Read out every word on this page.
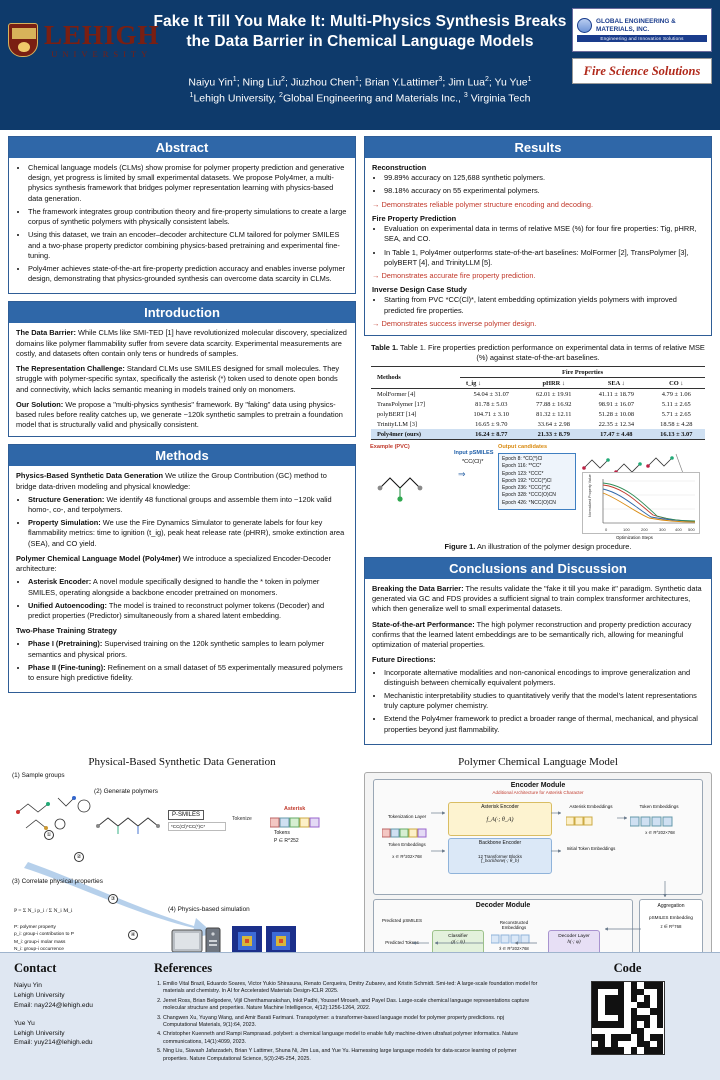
LEHIGH
UNIVERSITY
Fake It Till You Make It: Multi-Physics Synthesis Breaks the Data Barrier in Chemical Language Models
GLOBAL ENGINEERING & MATERIALS, INC.
Engineering and Innovation Solutions
Fire Science Solutions
Naiyu Yin$^1$; Ning Liu$^2$; Jiuzhou Chen$^1$; Brian Y.Lattimer$^3$; Jim Lua$^2$; Yu Yue$^1$
$^1$Lehigh University, $^2$Global Engineering and Materials Inc., $^3$ Virginia Tech
Abstract
• Chemical language models (CLMs) show promise for polymer property prediction and generative design, yet progress is limited by small experimental datasets. We propose Poly4mer, a multi-physics synthesis framework that bridges polymer representation learning with physics-based data generation.
• The framework integrates group contribution theory and fire-property simulations to create a large corpus of synthetic polymers with physically consistent labels.
• Using this dataset, we train an encoder–decoder architecture CLM tailored for polymer SMILES and a two-phase property predictor combining physics-based pretraining and experimental fine-tuning.
• Poly4mer achieves state-of-the-art fire-property prediction accuracy and enables inverse polymer design, demonstrating that physics-grounded synthesis can overcome data scarcity in CLMs.
Introduction

The Data Barrier: While CLMs like SMI-TED [1] have revolutionized molecular discovery, specialized domains like polymer flammability suffer from severe data scarcity. Experimental measurements are costly, and datasets often contain only tens or hundreds of samples.

The Representation Challenge: Standard CLMs use SMILES designed for small molecules. They struggle with polymer-specific syntax, specifically the asterisk (*) token used to denote open bonds and connectivity, which lacks semantic meaning in models trained only on monomers.

Our Solution: We propose a "multi-physics synthesis" framework. By "faking" data using physics-based rules before reality catches up, we generate ~120k synthetic samples to pretrain a foundation model that is structurally valid and physically consistent.

Methods

Physics-Based Synthetic Data Generation We utilize the Group Contribution (GC) method to bridge data-driven modeling and physical knowledge:

• Structure Generation: We identify 48 functional groups and assemble them into ~120k valid homo-, co-, and terpolymers.
• Property Simulation: We use the Fire Dynamics Simulator to generate labels for four key flammability metrics: time to ignition (t_ig), peak heat release rate (pHRR), smoke extinction area (SEA), and CO yield.

Polymer Chemical Language Model (Poly4mer) We introduce a specialized Encoder-Decoder architecture:

• Asterisk Encoder: A novel module specifically designed to handle the * token in polymer SMILES, operating alongside a backbone encoder pretrained on monomers.
• Unified Autoencoding: The model is trained to reconstruct polymer tokens (Decoder) and predict properties (Predictor) simultaneously from a shared latent embedding.

Two-Phase Training Strategy

• Phase I (Pretraining): Supervised training on the 120k synthetic samples to learn polymer semantics and physical priors.
• Phase II (Fine-tuning): Refinement on a small dataset of 55 experimentally measured polymers to ensure high predictive fidelity.
Results
Reconstruction
• 99.89% accuracy on 125,688 synthetic polymers.
• 98.18% accuracy on 55 experimental polymers.
→ Demonstrates reliable polymer structure encoding and decoding.
Fire Property Prediction
• Evaluation on experimental data in terms of relative MSE (%) for four fire properties: Tig, pHRR, SEA, and CO.
• In Table 1, Poly4mer outperforms state-of-the-art baselines: MolFormer [2], TransPolymer [3], polyBERT [4], and TrinityLLM [5].
→ Demonstrates accurate fire property prediction.
Inverse Design Case Study
• Starting from PVC *CC(Cl)*, latent embedding optimization yields polymers with improved predicted fire properties.
→ Demonstrates success inverse polymer design.
Table 1. Table 1. Fire properties prediction performance on experimental data in terms of relative MSE (%) against state-of-the-art baselines.
Methods	Fire Properties			
	t_ig ↓	pHRR ↓	SEA ↓	CO ↓
MolFormer [4]	54.04 ± 31.07	62.01 ± 19.91	41.11 ± 18.79	4.79 ± 1.06
TransPolymer [17]	81.78 ± 5.03	77.88 ± 16.92	98.91 ± 16.07	5.11 ± 2.65
polyBERT [14]	104.71 ± 3.10	81.32 ± 12.11	51.28 ± 10.08	5.71 ± 2.65
TrinityLLM [3]	16.65 ± 9.70	33.64 ± 2.98	22.35 ± 12.34	18.58 ± 4.28
Poly4mer (ours)	16.24 ± 8.77	21.33 ± 8.79	17.47 ± 4.48	16.13 ± 3.07
Example (PVC)
Input pSMILES
*CC(Cl)*
⇒
Output candidates
Epoch 8: *CC(*)Cl
Epoch 116: **CC*
Epoch 123: *CCC*
Epoch 192: *CCC(*)Cl
Epoch 236: *CCC(*)C
Epoch 328: *CCC(O)CN
Epoch 426: *NCC(O)CN
0	100	200	300 400 500
Normalized Property Value
Optimization Steps
Figure 1. An illustration of the polymer design procedure.
Conclusions and Discussion

Breaking the Data Barrier: The results validate the "fake it till you make it" paradigm. Synthetic data generated via GC and FDS provides a sufficient signal to train complex transformer architectures, which then generalize well to small experimental datasets.

State-of-the-art Performance: The high polymer reconstruction and property prediction accuracy confirms that the learned latent embeddings are to be semantically rich, allowing for meaningful optimization of material properties.

Future Directions:

• Incorporate alternative modalities and non-canonical encodings to improve generalization and distinguish between chemically equivalent polymers.
• Mechanistic interpretability studies to quantitatively verify that the model's latent representations truly capture polymer chemistry.
• Extend the Poly4mer framework to predict a broader range of thermal, mechanical, and physical properties beyond just flammability.
Physical-Based Synthetic Data Generation
(1) Sample groups
①
(2) Generate polymers
②
P-SMILES
*CC(Cl)*CC(*)C*
Tokenize
Asterisk
Tokens
P ∈ R^252
(3) Correlate physical properties
P = Σ N_i p_i / Σ N_i M_i
P: polymer property
p_i: group-i contribution to P
M_i: group-i molar mass
N_i: group-i occurrence
③
(4) Physics-based simulation
④
Polymer Chemical Language Model
Encoder Module
Additional Architecture for Asterisk Character
Asterisk Encoder
f_A(·; θ_A)
Backbone Encoder
12 Transformer Blocks
f_backbone(·; θ_b)
Tokenization Layer
Token Embeddings
x ∈ R^202×768
Asterisk Embeddings	Token Embeddings
Initial Token Embeddings
x ∈ R^202×768
Decoder Module
Predicted pSMILES
Predicted Tokens
Classifier
g(·; ψ)
Reconstructed Embeddings
x̂ ∈ R^202×768
Decoder Layer
h(·; φ)
Aggregation
pSMILES Embedding
z ∈ R^768
Contact
Naiyu Yin
Lehigh University
Email: nay224@lehigh.edu
Yue Yu
Lehigh University
Email: yuy214@lehigh.edu
References
1. Emilio Vital Brazil, Eduardo Soares, Victor Yukio Shirasuna, Renato Cerqueira, Dmitry Zubarev, and Kristin Schmidt. Smi-ted: A large-scale foundation model for materials and chemistry. In AI for Accelerated Materials Design-ICLR 2025.
2. Jerret Ross, Brian Belgodere, Vijil Chenthamarakshan, Inkit Padhi, Youssef Mroueh, and Payel Das. Large-scale chemical language representations capture molecular structure and properties. Nature Machine Intelligence, 4(12):1256-1264, 2022.
3. Changwen Xu, Yuyang Wang, and Amir Barati Farimani. Transpolymer: a transformer-based language model for polymer property predictions. npj Computational Materials, 9(1):64, 2023.
4. Christopher Kuenneth and Rampi Ramprasad. polybert: a chemical language model to enable fully machine-driven ultrafast polymer informatics. Nature communications, 14(1):4099, 2023.
5. Ning Liu, Siavash Jafarzadeh, Brian Y Lattimer, Shuna Ni, Jim Lua, and Yue Yu. Harnessing large language models for data-scarce learning of polymer properties. Nature Computational Science, 5(3):245-254, 2025.
Code
